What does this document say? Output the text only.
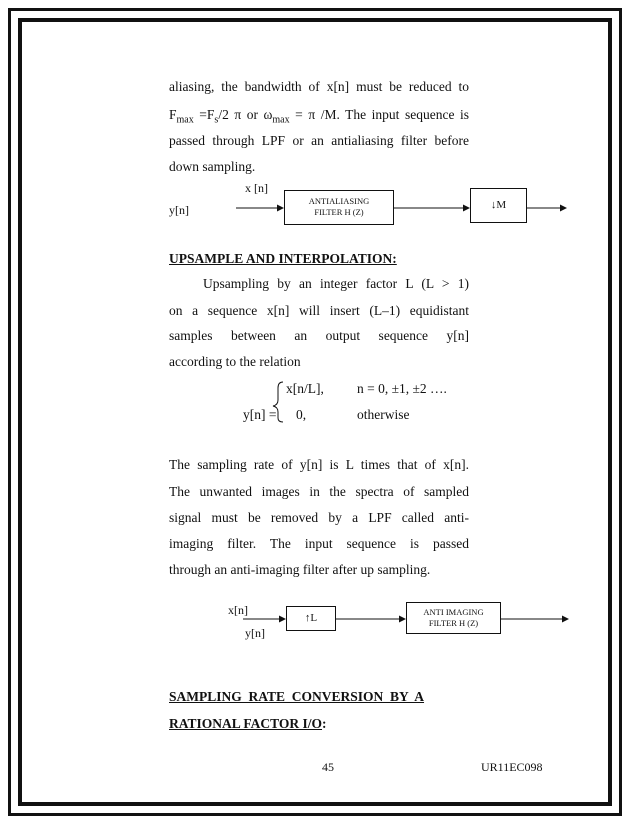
aliasing, the bandwidth of x[n] must be reduced to
$F_{max} =F_s/2$ π or $\omega_{max} = \pi$ /M. The input sequence is
passed through LPF or an antialiasing filter before
down sampling.
x [n]
y[n]
ANTIALIASING
FILTER H (Z)
↓M
UPSAMPLE AND INTERPOLATION:
Upsampling by an integer factor L (L > 1)
on a sequence x[n] will insert (L–1) equidistant
samples between an output sequence y[n]
according to the relation
x[n/L], n = 0, ±1, ±2 ….
y[n] = 0,	otherwise
The sampling rate of y[n] is L times that of x[n].
The unwanted images in the spectra of sampled
signal must be removed by a LPF called anti-
imaging filter. The input sequence is passed
through an anti-imaging filter after up sampling.
x[n]
y[n]
↑L	ANTI IMAGING
FILTER H (Z)
SAMPLING  RATE  CONVERSION  BY  A
RATIONAL FACTOR I/O:
45	UR11EC098
